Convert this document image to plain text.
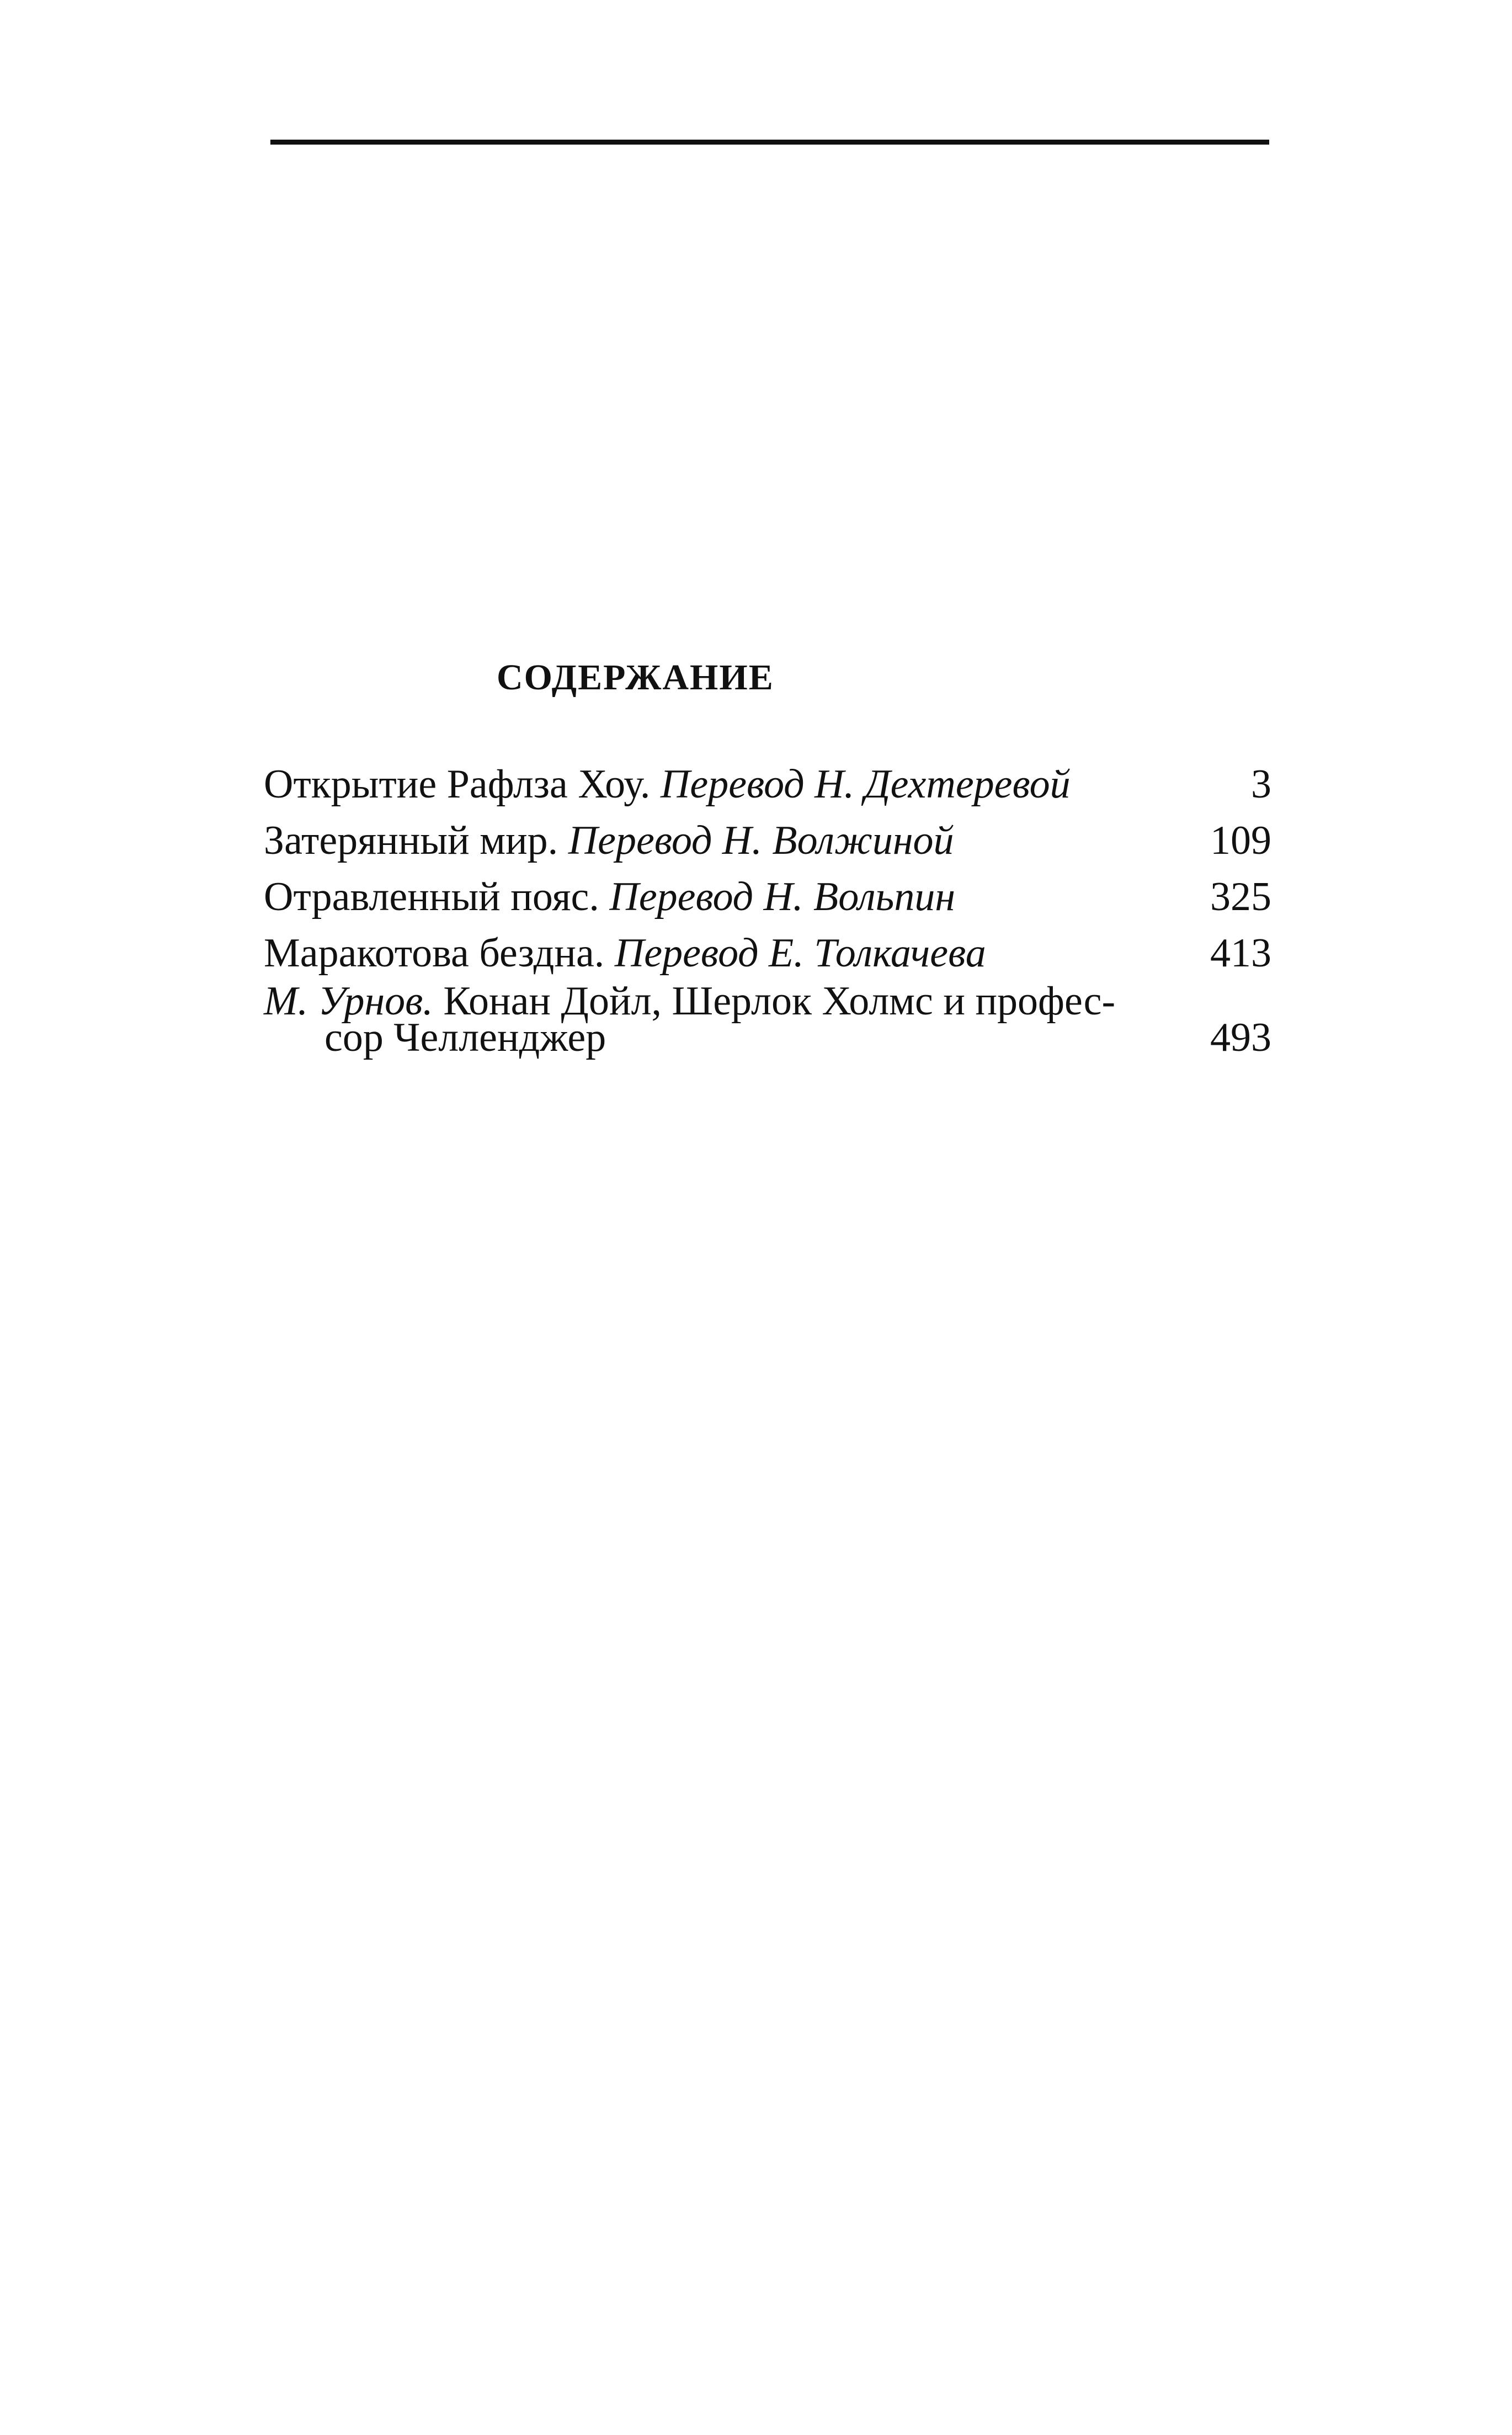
СОДЕРЖАНИЕ
Открытие Рафлза Хоу. Перевод Н. Дехтеревой	3
Затерянный мир. Перевод Н. Волжиной	109
Отравленный пояс. Перевод Н. Вольпин	325
Маракотова бездна. Перевод Е. Толкачева	413
М. Урнов. Конан Дойл, Шерлок Холмс и профес-
сор Челленджер	493
